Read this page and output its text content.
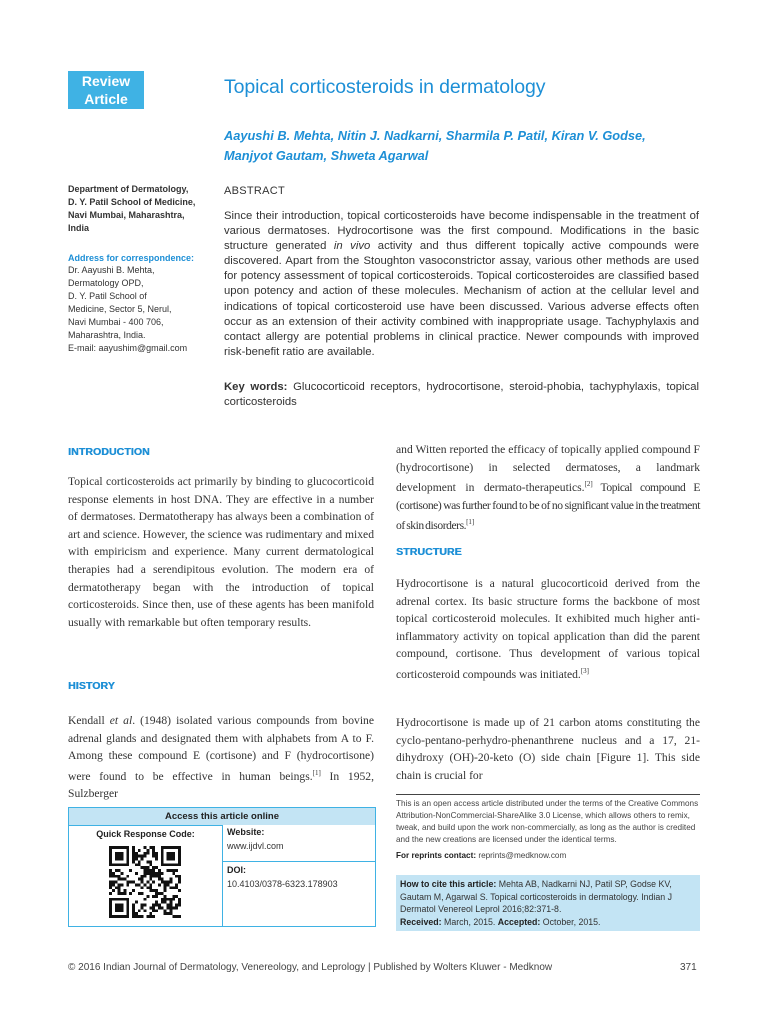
Review
Article
Topical corticosteroids in dermatology
Aayushi B. Mehta, Nitin J. Nadkarni, Sharmila P. Patil, Kiran V. Godse, Manjyot Gautam, Shweta Agarwal
Department of Dermatology,
D. Y. Patil School of Medicine,
Navi Mumbai, Maharashtra,
India
Address for correspondence:
Dr. Aayushi B. Mehta,
Dermatology OPD,
D. Y. Patil School of
Medicine, Sector 5, Nerul,
Navi Mumbai - 400 706,
Maharashtra, India.
E-mail: aayushim@gmail.com
ABSTRACT
Since their introduction, topical corticosteroids have become indispensable in the treatment of various dermatoses. Hydrocortisone was the first compound. Modifications in the basic structure generated in vivo activity and thus different topically active compounds were discovered. Apart from the Stoughton vasoconstrictor assay, various other methods are used for potency assessment of topical corticosteroids. Topical corticosteroides are classified based upon potency and action of these molecules. Mechanism of action at the cellular level and indications of topical corticosteroid use have been discussed. Various adverse effects often occur as an extension of their activity combined with inappropriate usage. Tachyphylaxis and contact allergy are potential problems in clinical practice. Newer compounds with improved risk-benefit ratio are available.
Key words: Glucocorticoid receptors, hydrocortisone, steroid-phobia, tachyphylaxis, topical corticosteroids
INTRODUCTION
Topical corticosteroids act primarily by binding to glucocorticoid response elements in host DNA. They are effective in a number of dermatoses. Dermatotherapy has always been a combination of art and science. However, the science was rudimentary and mixed with empiricism and experience. Many current dermatological therapies had a serendipitous evolution. The modern era of dermatotherapy began with the introduction of topical corticosteroids. Since then, use of these agents has been manifold usually with remarkable but often temporary results.
HISTORY
Kendall et al. (1948) isolated various compounds from bovine adrenal glands and designated them with alphabets from A to F. Among these compound E (cortisone) and F (hydrocortisone) were found to be effective in human beings.[1] In 1952, Sulzberger
and Witten reported the efficacy of topically applied compound F (hydrocortisone) in selected dermatoses, a landmark development in dermato-therapeutics.[2] Topical compound E (cortisone) was further found to be of no significant value in the treatment of skin disorders.[1]
STRUCTURE
Hydrocortisone is a natural glucocorticoid derived from the adrenal cortex. Its basic structure forms the backbone of most topical corticosteroid molecules. It exhibited much higher anti-inflammatory activity on topical application than did the parent compound, cortisone. Thus development of various topical corticosteroid compounds was initiated.[3]
Hydrocortisone is made up of 21 carbon atoms constituting the cyclo-pentano-perhydro-phenanthrene nucleus and a 17, 21-dihydroxy (OH)-20-keto (O) side chain [Figure 1]. This side chain is crucial for
Access this article online
Quick Response Code:	Website:
www.ijdvl.com
DOI:
10.4103/0378-6323.178903
This is an open access article distributed under the terms of the Creative Commons Attribution-NonCommercial-ShareAlike 3.0 License, which allows others to remix, tweak, and build upon the work non-commercially, as long as the author is credited and the new creations are licensed under the identical terms.
For reprints contact: reprints@medknow.com
How to cite this article: Mehta AB, Nadkarni NJ, Patil SP, Godse KV, Gautam M, Agarwal S. Topical corticosteroids in dermatology. Indian J Dermatol Venereol Leprol 2016;82:371-8.
Received: March, 2015. Accepted: October, 2015.
© 2016 Indian Journal of Dermatology, Venereology, and Leprology | Published by Wolters Kluwer - Medknow	371
